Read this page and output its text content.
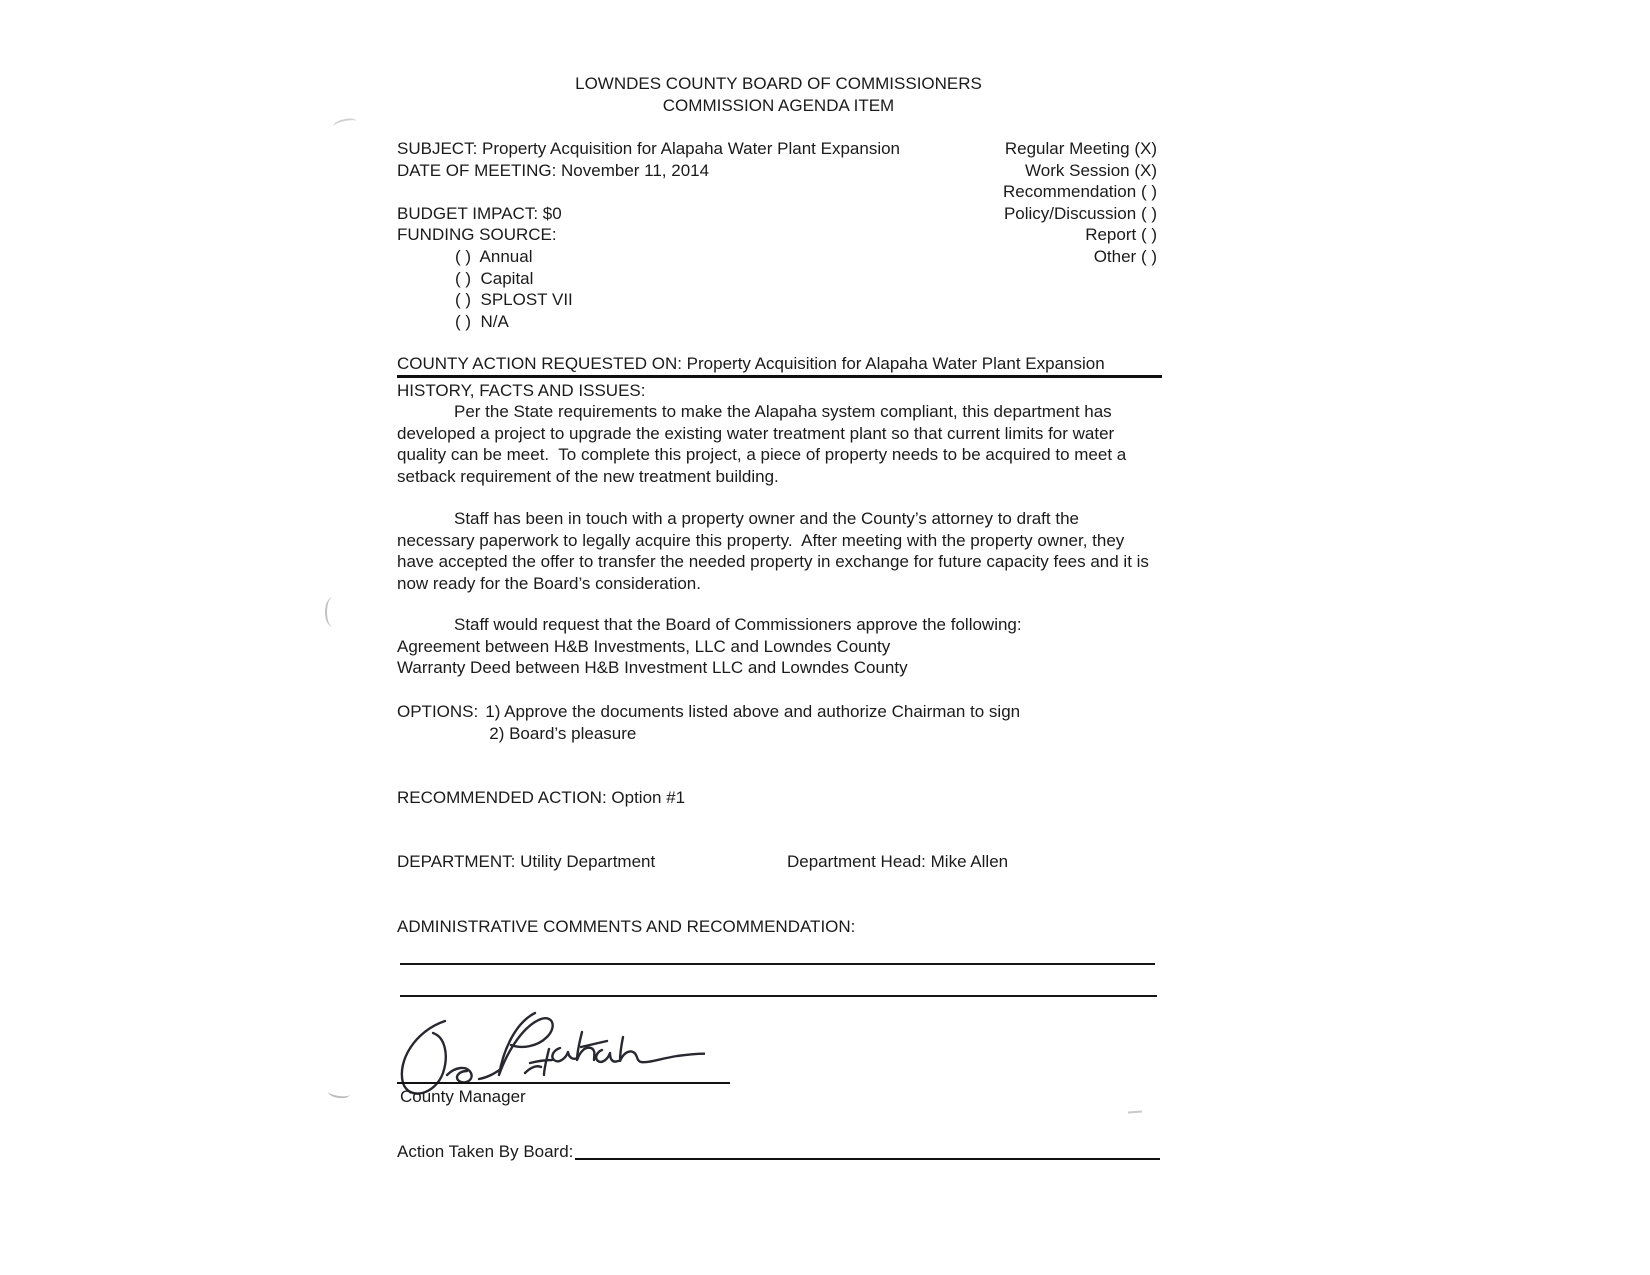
LOWNDES COUNTY BOARD OF COMMISSIONERS
COMMISSION AGENDA ITEM
SUBJECT: Property Acquisition for Alapaha Water Plant Expansion
DATE OF MEETING: November 11, 2014

BUDGET IMPACT: $0
FUNDING SOURCE:
( )  Annual
( )  Capital
( )  SPLOST VII
( )  N/A
Regular Meeting (X)
Work Session (X)
Recommendation ( )
Policy/Discussion ( )
Report ( )
Other ( )
COUNTY ACTION REQUESTED ON: Property Acquisition for Alapaha Water Plant Expansion
HISTORY, FACTS AND ISSUES:
Per the State requirements to make the Alapaha system compliant, this department has developed a project to upgrade the existing water treatment plant so that current limits for water quality can be meet.  To complete this project, a piece of property needs to be acquired to meet a setback requirement of the new treatment building.
Staff has been in touch with a property owner and the County’s attorney to draft the necessary paperwork to legally acquire this property.  After meeting with the property owner, they have accepted the offer to transfer the needed property in exchange for future capacity fees and it is now ready for the Board’s consideration.
Staff would request that the Board of Commissioners approve the following:
Agreement between H&B Investments, LLC and Lowndes County
Warranty Deed between H&B Investment LLC and Lowndes County
OPTIONS: 1) Approve the documents listed above and authorize Chairman to sign
2) Board’s pleasure
RECOMMENDED ACTION: Option #1
DEPARTMENT: Utility Department	Department Head: Mike Allen
ADMINISTRATIVE COMMENTS AND RECOMMENDATION:
County Manager
Action Taken By Board:
